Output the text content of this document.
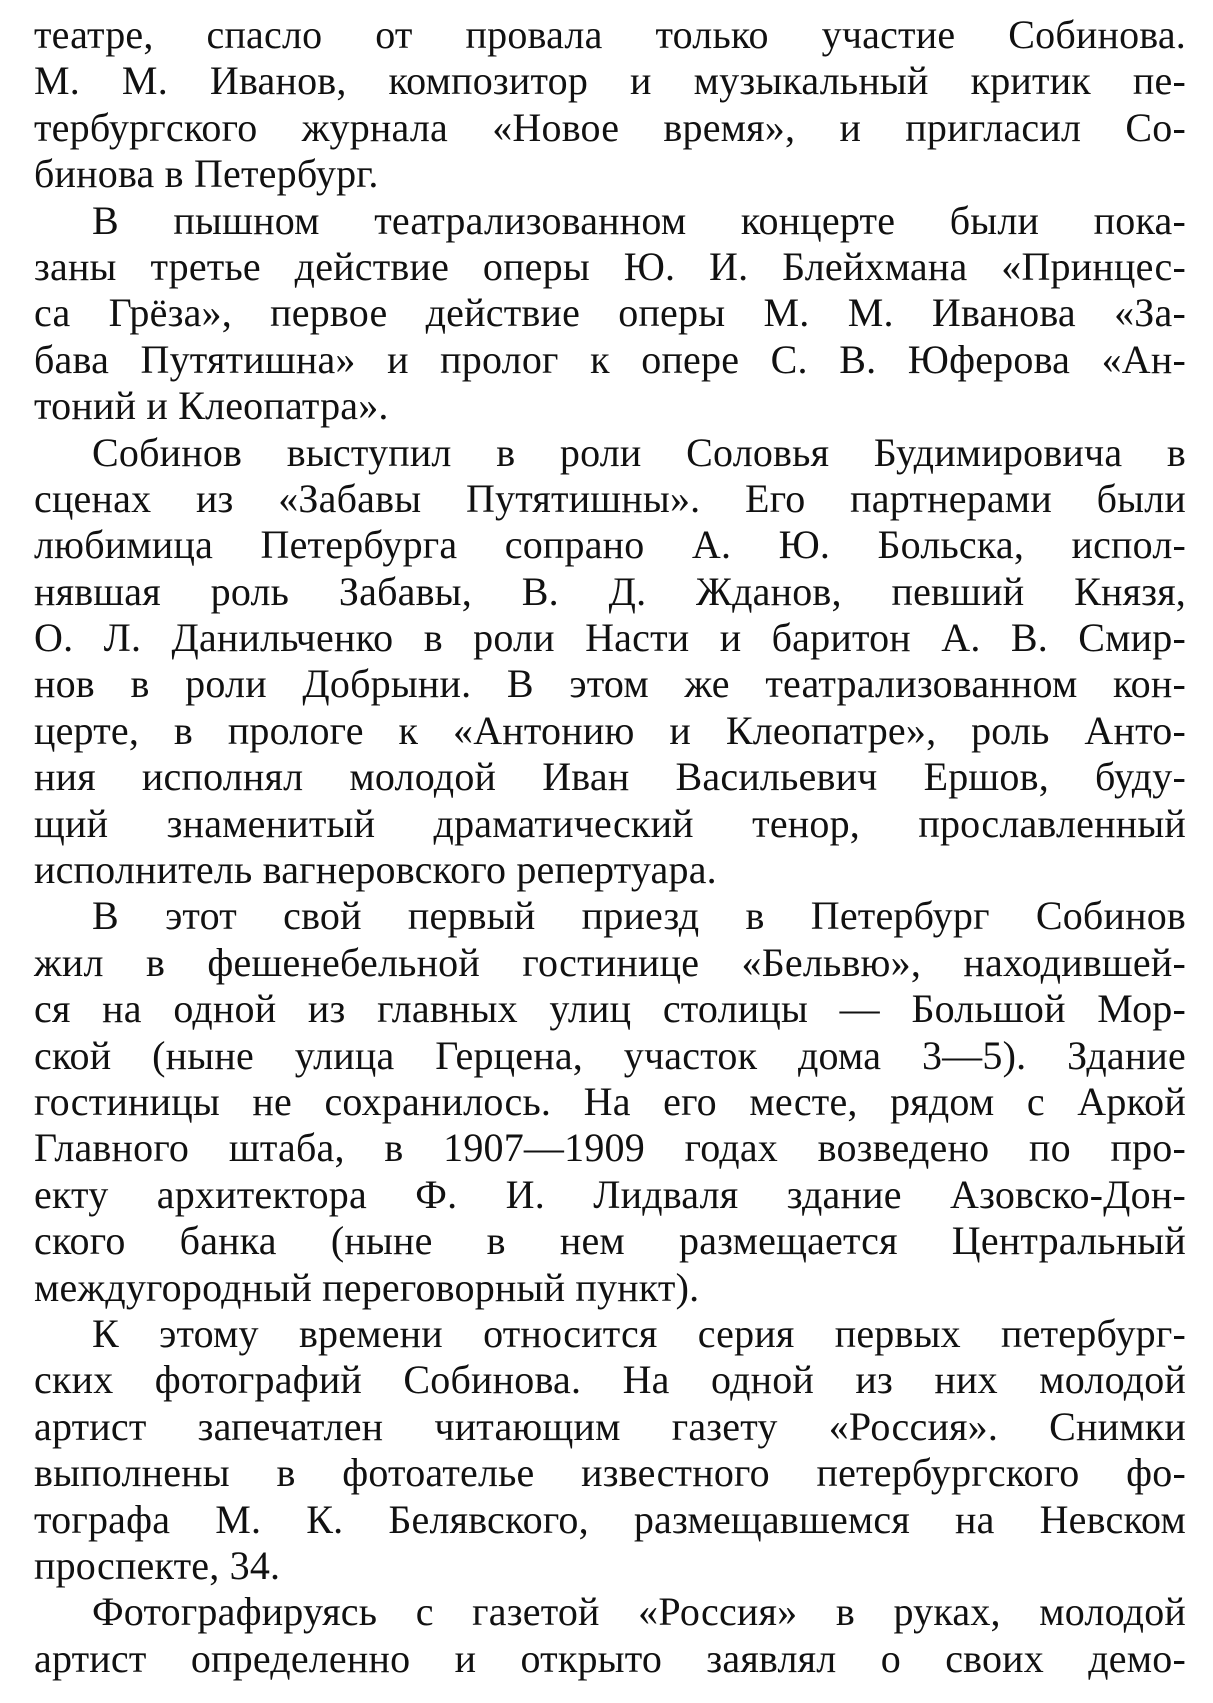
театре, спасло от провала только участие Собинова.
М. М. Иванов, композитор и музыкальный критик пе-
тербургского журнала «Новое время», и пригласил Со-
бинова в Петербург.
В пышном театрализованном концерте были пока-
заны третье действие оперы Ю. И. Блейхмана «Принцес-
са Грёза», первое действие оперы М. М. Иванова «За-
бава Путятишна» и пролог к опере С. В. Юферова «Ан-
тоний и Клеопатра».
Собинов выступил в роли Соловья Будимировича в
сценах из «Забавы Путятишны». Его партнерами были
любимица Петербурга сопрано А. Ю. Больска, испол-
нявшая роль Забавы, В. Д. Жданов, певший Князя,
О. Л. Данильченко в роли Насти и баритон А. В. Смир-
нов в роли Добрыни. В этом же театрализованном кон-
церте, в прологе к «Антонию и Клеопатре», роль Анто-
ния исполнял молодой Иван Васильевич Ершов, буду-
щий знаменитый драматический тенор, прославленный
исполнитель вагнеровского репертуара.
В этот свой первый приезд в Петербург Собинов
жил в фешенебельной гостинице «Бельвю», находившей-
ся на одной из главных улиц столицы — Большой Мор-
ской (ныне улица Герцена, участок дома 3—5). Здание
гостиницы не сохранилось. На его месте, рядом с Аркой
Главного штаба, в 1907—1909 годах возведено по про-
екту архитектора Ф. И. Лидваля здание Азовско-Дон-
ского банка (ныне в нем размещается Центральный
междугородный переговорный пункт).
К этому времени относится серия первых петербург-
ских фотографий Собинова. На одной из них молодой
артист запечатлен читающим газету «Россия». Снимки
выполнены в фотоателье известного петербургского фо-
тографа М. К. Белявского, размещавшемся на Невском
проспекте, 34.
Фотографируясь с газетой «Россия» в руках, молодой
артист определенно и открыто заявлял о своих демо-
